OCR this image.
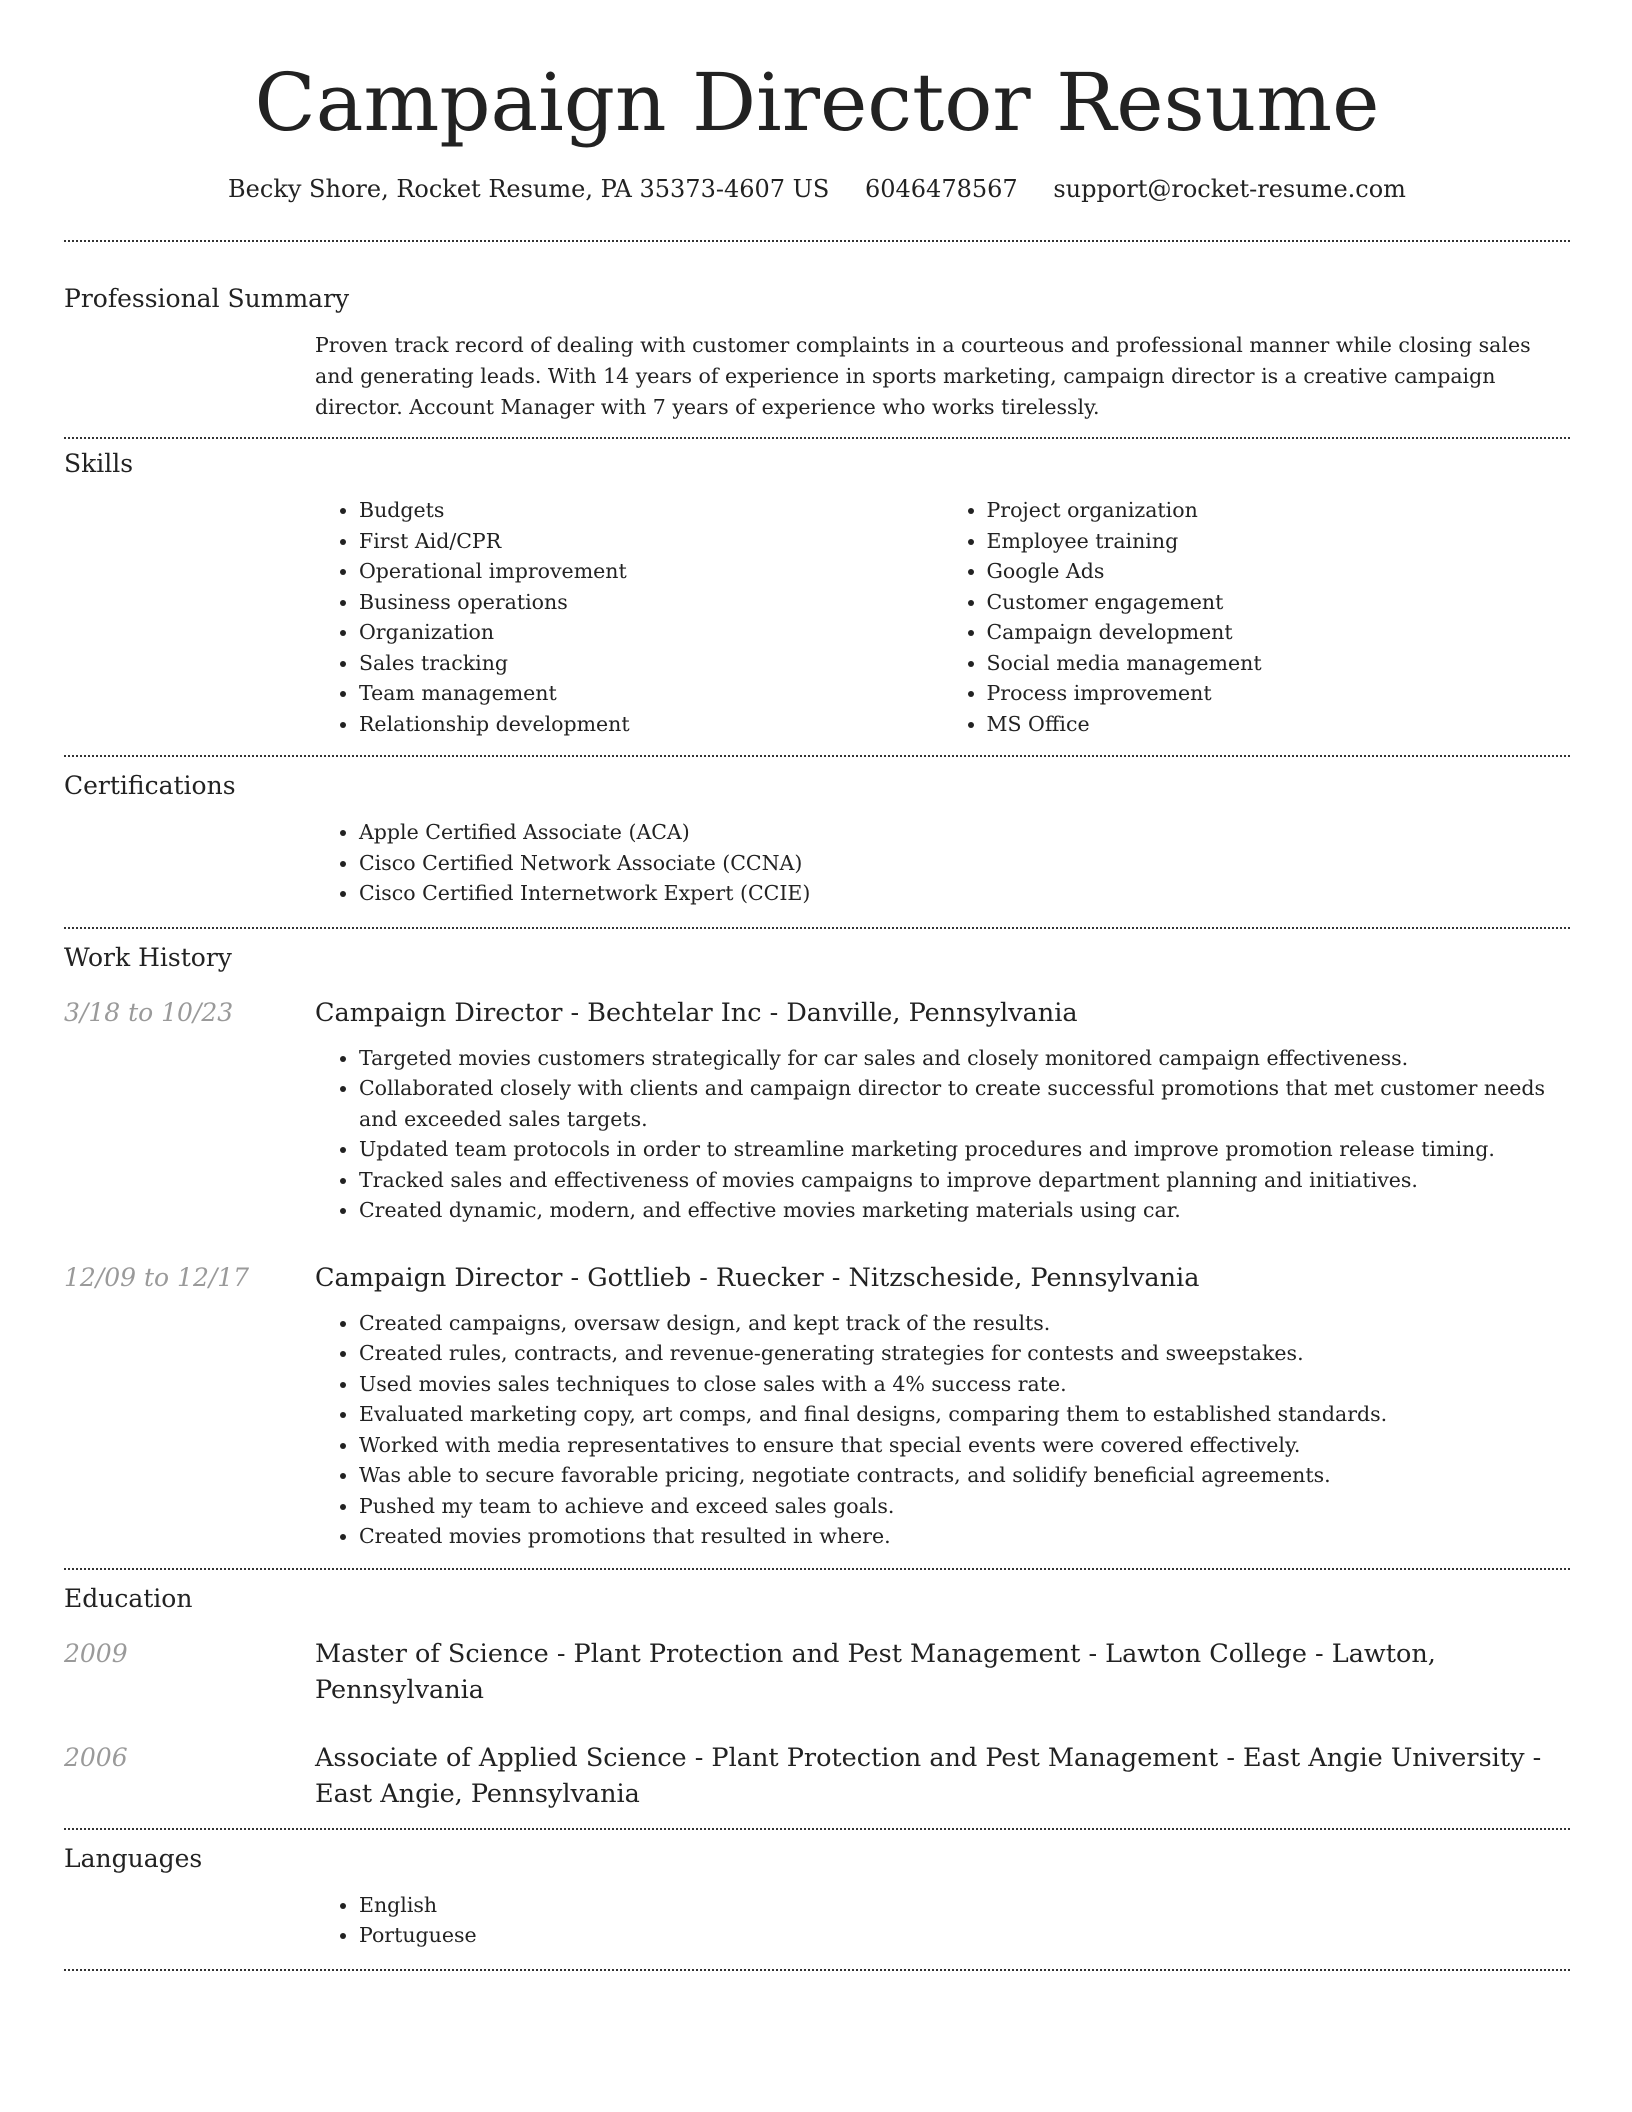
Campaign Director Resume
Becky Shore, Rocket Resume, PA 35373-4607 US 6046478567 support@rocket-resume.com
Professional Summary

Proven track record of dealing with customer complaints in a courteous and professional manner while closing sales and generating leads. With 14 years of experience in sports marketing, campaign director is a creative campaign director. Account Manager with 7 years of experience who works tirelessly.

Skills
• Budgets
• First Aid/CPR
• Operational improvement
• Business operations
• Organization
• Sales tracking
• Team management
• Relationship development
• Project organization
• Employee training
• Google Ads
• Customer engagement
• Campaign development
• Social media management
• Process improvement
• MS Office
Certifications
• Apple Certified Associate (ACA)
• Cisco Certified Network Associate (CCNA)
• Cisco Certified Internetwork Expert (CCIE)
Work History
3/18 to 10/23	Campaign Director - Bechtelar Inc - Danville, Pennsylvania

• Targeted movies customers strategically for car sales and closely monitored campaign effectiveness.
• Collaborated closely with clients and campaign director to create successful promotions that met customer needs and exceeded sales targets.
• Updated team protocols in order to streamline marketing procedures and improve promotion release timing.
• Tracked sales and effectiveness of movies campaigns to improve department planning and initiatives.
• Created dynamic, modern, and effective movies marketing materials using car.
12/09 to 12/17	Campaign Director - Gottlieb - Ruecker - Nitzscheside, Pennsylvania

• Created campaigns, oversaw design, and kept track of the results.
• Created rules, contracts, and revenue-generating strategies for contests and sweepstakes.
• Used movies sales techniques to close sales with a 4% success rate.
• Evaluated marketing copy, art comps, and final designs, comparing them to established standards.
• Worked with media representatives to ensure that special events were covered effectively.
• Was able to secure favorable pricing, negotiate contracts, and solidify beneficial agreements.
• Pushed my team to achieve and exceed sales goals.
• Created movies promotions that resulted in where.
Education
2009	Master of Science - Plant Protection and Pest Management - Lawton College - Lawton, Pennsylvania

2006	Associate of Applied Science - Plant Protection and Pest Management - East Angie University - East Angie, Pennsylvania

Languages
• English
• Portuguese
